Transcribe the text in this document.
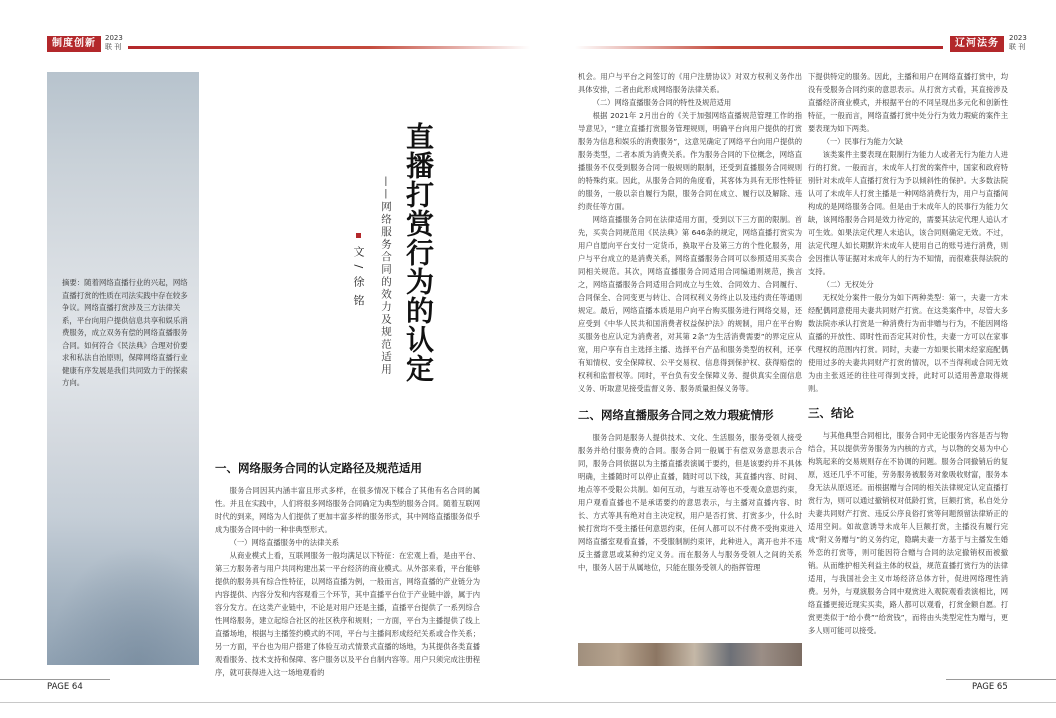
制度创新	2023
联 刊	辽河法务	2023
联 刊
摘要：随着网络直播行业的兴起，网络直播打赏的性质在司法实践中存在较多争议。网络直播打赏涉及三方法律关系，平台向用户提供信息共享和娱乐消费服务，成立双务有偿的网络直播服务合同。如何符合《民法典》合理对价要求和私法自治原则，保障网络直播行业健康有序发展是我们共同致力于的探索方向。	直播打赏行为的认定
——网络服务合同的效力及规范适用
文 / 徐 铭
一、网络服务合同的认定路径及规范适用

服务合同因其内涵丰富且形式多样，在很多情况下糅合了其他有名合同的属性。并且在实践中，人们将很多网络服务合同确定为典型的服务合同。随着互联网时代的到来，网络为人们提供了更加丰富多样的服务形式，其中网络直播服务似乎成为服务合同中的一种非典型形式。

（一）网络直播服务中的法律关系

从商业模式上看，互联网服务一般均满足以下特征：在宏观上看，是由平台、第三方服务者与用户共同构建出某一平台经济的商业模式。从外部来看，平台能够提供的服务具有综合性特征，以网络直播为例，一般而言，网络直播的产业链分为内容提供、内容分发和内容观看三个环节，其中直播平台位于产业链中游，属于内容分发方。在这类产业链中，不论是对用户还是主播，直播平台提供了一系列综合性网络服务，建立起综合社区的社区秩序和规则；一方面，平台为主播提供了线上直播场地，根据与主播签约模式的不同，平台与主播间形成经纪关系或合作关系；另一方面，平台也为用户搭建了体验互动式情景式直播的场地，为其提供各类直播观看服务、技术支持和保障、客户服务以及平台自制内容等。用户只须完成注册程序，就可获得进入这一场地观看的

机会。用户与平台之间签订的《用户注册协议》对双方权利义务作出具体安排，二者由此形成网络服务法律关系。

（二）网络直播服务合同的特性及规范适用

根据 2021年 2月出台的《关于加强网络直播规范管理工作的指导意见》，“建立直播打赏服务管理规则，明确平台向用户提供的打赏服务为信息和娱乐的消费服务”，这意见确定了网络平台向用户提供的服务类型，二者本质为消费关系。作为服务合同的下位概念，网络直播服务不仅受到服务合同一般规则的限制，还受到直播服务合同规则的特殊约束。因此，从服务合同的角度看，其客体为具有无形性特征的服务，一般以亲自履行为限，服务合同在成立、履行以及解除、违约责任等方面。

网络直播服务合同在法律适用方面，受到以下三方面的限制。首先，买卖合同规范用《民法典》第 646条的规定，网络直播打赏实为用户自愿向平台支付一定货币，换取平台及第三方的个性化服务，用户与平台成立的是消费关系，网络直播服务合同可以参照适用买卖合同相关规范。其次，网络直播服务合同适用合同编通则规范，换言之，网络直播服务合同适用合同成立与生效、合同效力、合同履行、合同保全、合同变更与转让、合同权利义务终止以及违约责任等通则规定。最后，网络直播本质是用户向平台购买服务进行网络交易，还应受到《中华人民共和国消费者权益保护法》的规制，用户在平台购买服务也应认定为消费者，对其第 2条“为生活消费需要”的界定应从宽，用户享有自主选择主播、选择平台产品和服务类型的权利，还享有知情权、安全保障权、公平交易权、信息得到保护权、获得赔偿的权利和监督权等。同时，平台负有安全保障义务、提供真实全面信息义务、听取意见接受监督义务、服务质量担保义务等。

二、网络直播服务合同之效力瑕疵情形

服务合同是服务人提供技术、文化、生活服务，服务受领人接受服务并给付服务费的合同。服务合同一般属于有偿双务意思表示合同，服务合同依据以为主播直播表演属于要约，但是该要约并不具体明确，主播随时可以停止直播，随时可以下线，其直播内容、时间、地点等不受限公共制。如何互动，与谁互动等也不受观众意思约束，用户观看直播也不是承诺要约的意思表示，与主播对直播内容、时长、方式等具有绝对自主决定权，用户是否打赏、打赏多少，什么时候打赏均不受主播任何意思约束，任何人都可以不付费不受拘束进入网络直播室观看直播，不受服制制约束评，此种进入，离开也并不违反主播意思或某种约定义务。而在服务人与服务受领人之间的关系中，服务人居于从属地位，只能在服务受领人的指挥管理

下提供特定的服务。因此，主播和用户在网络直播打赏中，均没有受服务合同约束的意思表示。从打赏方式看，其直接涉及直播经济商业模式，并根据平台的不同呈现出多元化和创新性特征，一般而言，网络直播打赏中处分行为效力瑕疵的案件主要表现为如下两类。

（一）民事行为能力欠缺

该类案件主要表现在限制行为能力人或者无行为能力人进行的打赏。一般而言，未成年人打赏的案件中，国家和政府特别针对未成年人直播打赏行为予以倾斜性的保护。大多数法院认可了未成年人打赏主播是一种网络消费行为，用户与直播间构成的是网络服务合同。但是由于未成年人的民事行为能力欠缺，该网络服务合同是效力待定的，需要其法定代理人追认才可生效。如果法定代理人未追认，该合同则确定无效。不过，法定代理人如长期默许未成年人使用自己的账号进行消费，则会因推认等证据对未成年人的行为不知情，而很难获得法院的支持。

（二）无权处分

无权处分案件一般分为如下两种类型：第一，夫妻一方未经配偶同意使用夫妻共同财产打赏。在这类案件中，尽管大多数法院亦承认打赏是一种消费行为而非赠与行为，不能因网络直播的开放性、即时性而否定其对价性，夫妻一方可以在家事代理权的范围内打赏。同时，夫妻一方如果长期未经家庭配偶使用过多的夫妻共同财产打赏的情况，以不当得利或合同无效为由主张返还的往往可得到支持，此时可以适用善意取得规则。

三、结论

与其他典型合同相比，服务合同中无论服务内容是否与物结合，其以提供劳务服务为内核的方式，与以物的交易为中心构筑起来的交易规则存在不协调的问题。服务合同撤销后的复原，返还几乎不可能，劳务服务被服务对象吸收财富，服务本身无法从原返还。而根据赠与合同的相关法律规定认定直播打赏行为，则可以通过撤销权对低龄打赏，巨额打赏，私自处分夫妻共同财产打赏、违反公序良俗打赏等问题预留法律矫正的适用空间。如故意诱导未成年人巨额打赏，主播没有履行完成“附义务赠与”的义务约定，隐瞒夫妻一方基于与主播发生婚外恋的打赏等，则可能因符合赠与合同的法定撤销权而被撤销。从而维护相关利益主体的权益，规范直播打赏行为的法律适用，与我国社会主义市场经济总体方针，促进网络理性消费。另外，与观演服务合同中观赏进入观院观看表演相比，网络直播更接近现实买卖，路人都可以观看，打赏金额自愿。打赏更类似于“给小费”“给赏钱”，而将由头类型定性为赠与，更多人则可能可以接受。

PAGE 64	PAGE 65
